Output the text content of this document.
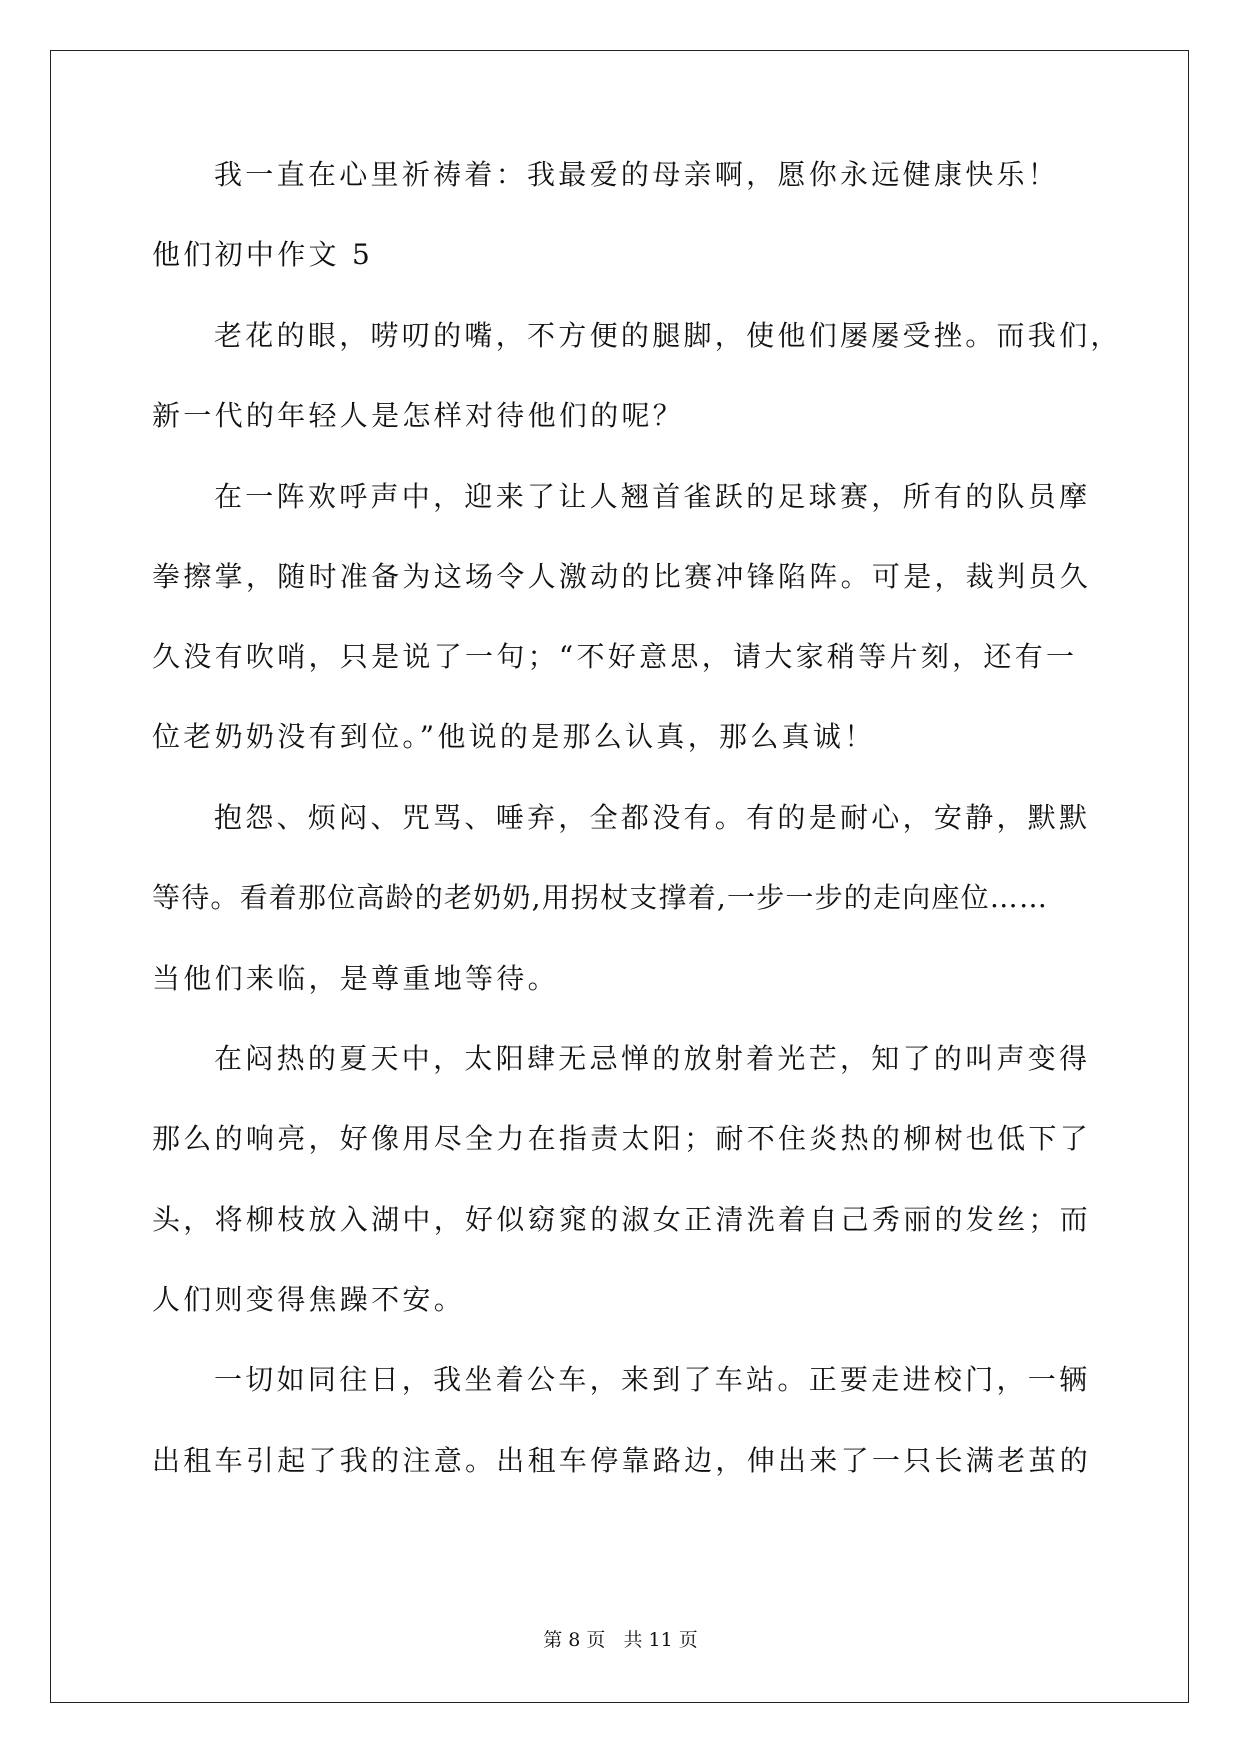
我一直在心里祈祷着：我最爱的母亲啊，愿你永远健康快乐！
他们初中作文 5
老花的眼，唠叨的嘴，不方便的腿脚，使他们屡屡受挫。而我们，
新一代的年轻人是怎样对待他们的呢？
在一阵欢呼声中，迎来了让人翘首雀跃的足球赛，所有的队员摩
拳擦掌，随时准备为这场令人激动的比赛冲锋陷阵。可是，裁判员久
久没有吹哨，只是说了一句；“不好意思，请大家稍等片刻，还有一
位老奶奶没有到位。”他说的是那么认真，那么真诚！
抱怨、烦闷、咒骂、唾弃，全都没有。有的是耐心，安静，默默
等待。看着那位高龄的老奶奶,用拐杖支撑着,一步一步的走向座位……
当他们来临，是尊重地等待。
在闷热的夏天中，太阳肆无忌惮的放射着光芒，知了的叫声变得
那么的响亮，好像用尽全力在指责太阳；耐不住炎热的柳树也低下了
头，将柳枝放入湖中，好似窈窕的淑女正清洗着自己秀丽的发丝；而
人们则变得焦躁不安。
一切如同往日，我坐着公车，来到了车站。正要走进校门，一辆
出租车引起了我的注意。出租车停靠路边，伸出来了一只长满老茧的
第 8 页 共 11 页
